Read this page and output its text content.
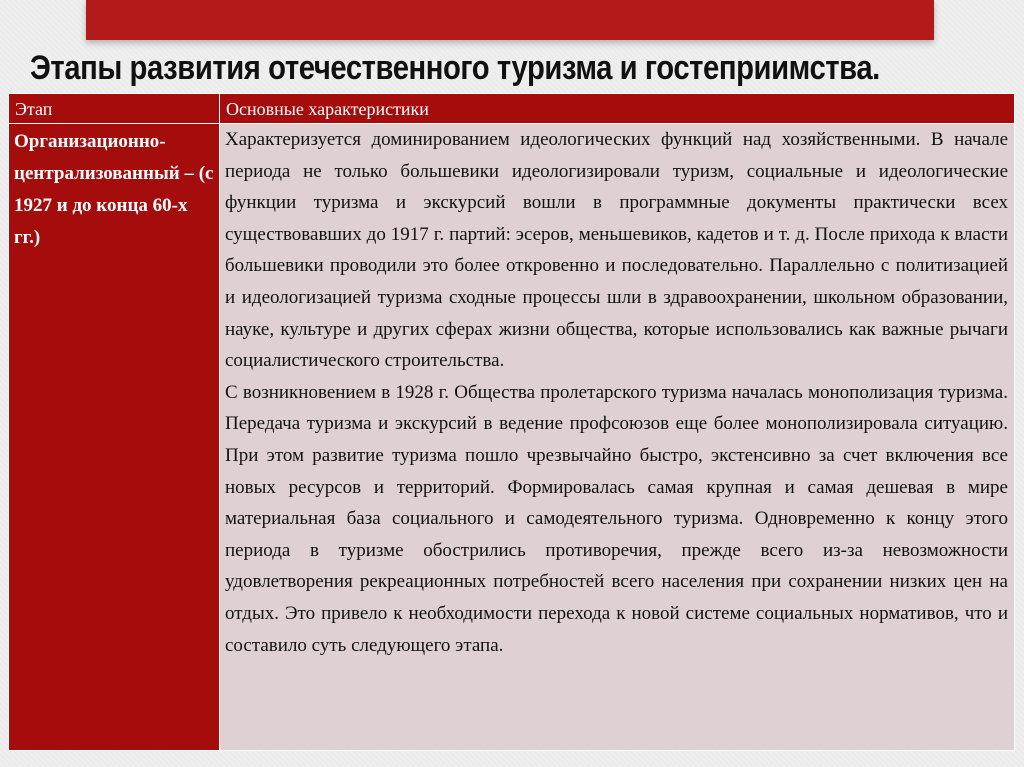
Этапы развития отечественного туризма и гостеприимства.
Этап	Основные характеристики
Организационно-централизованный – (с 1927 и до конца 60-х гг.)	Характеризуется доминированием идеологических функций над хозяйственными. В начале периода не только большевики идеологизировали туризм, социальные и идеологические функции туризма и экскурсий вошли в программные документы практически всех существовавших до 1917 г. партий: эсеров, меньшевиков, кадетов и т. д. После прихода к власти большевики проводили это более откровенно и последовательно. Параллельно с политизацией и идеологизацией туризма сходные процессы шли в здравоохранении, школьном образовании, науке, культуре и других сферах жизни общества, которые использовались как важные рычаги социалистического строительства.

С возникновением в 1928 г. Общества пролетарского туризма началась монополизация туризма. Передача туризма и экскурсий в ведение профсоюзов еще более монополизировала ситуацию. При этом развитие туризма пошло чрезвычайно быстро, экстенсивно за счет включения все новых ресурсов и территорий. Формировалась самая крупная и самая дешевая в мире материальная база социального и самодеятельного туризма. Одновременно к концу этого периода в туризме обострились противоречия, прежде всего из-за невозможности удовлетворения рекреационных потребностей всего населения при сохранении низких цен на отдых. Это привело к необходимости перехода к новой системе социальных нормативов, что и составило суть следующего этапа.
